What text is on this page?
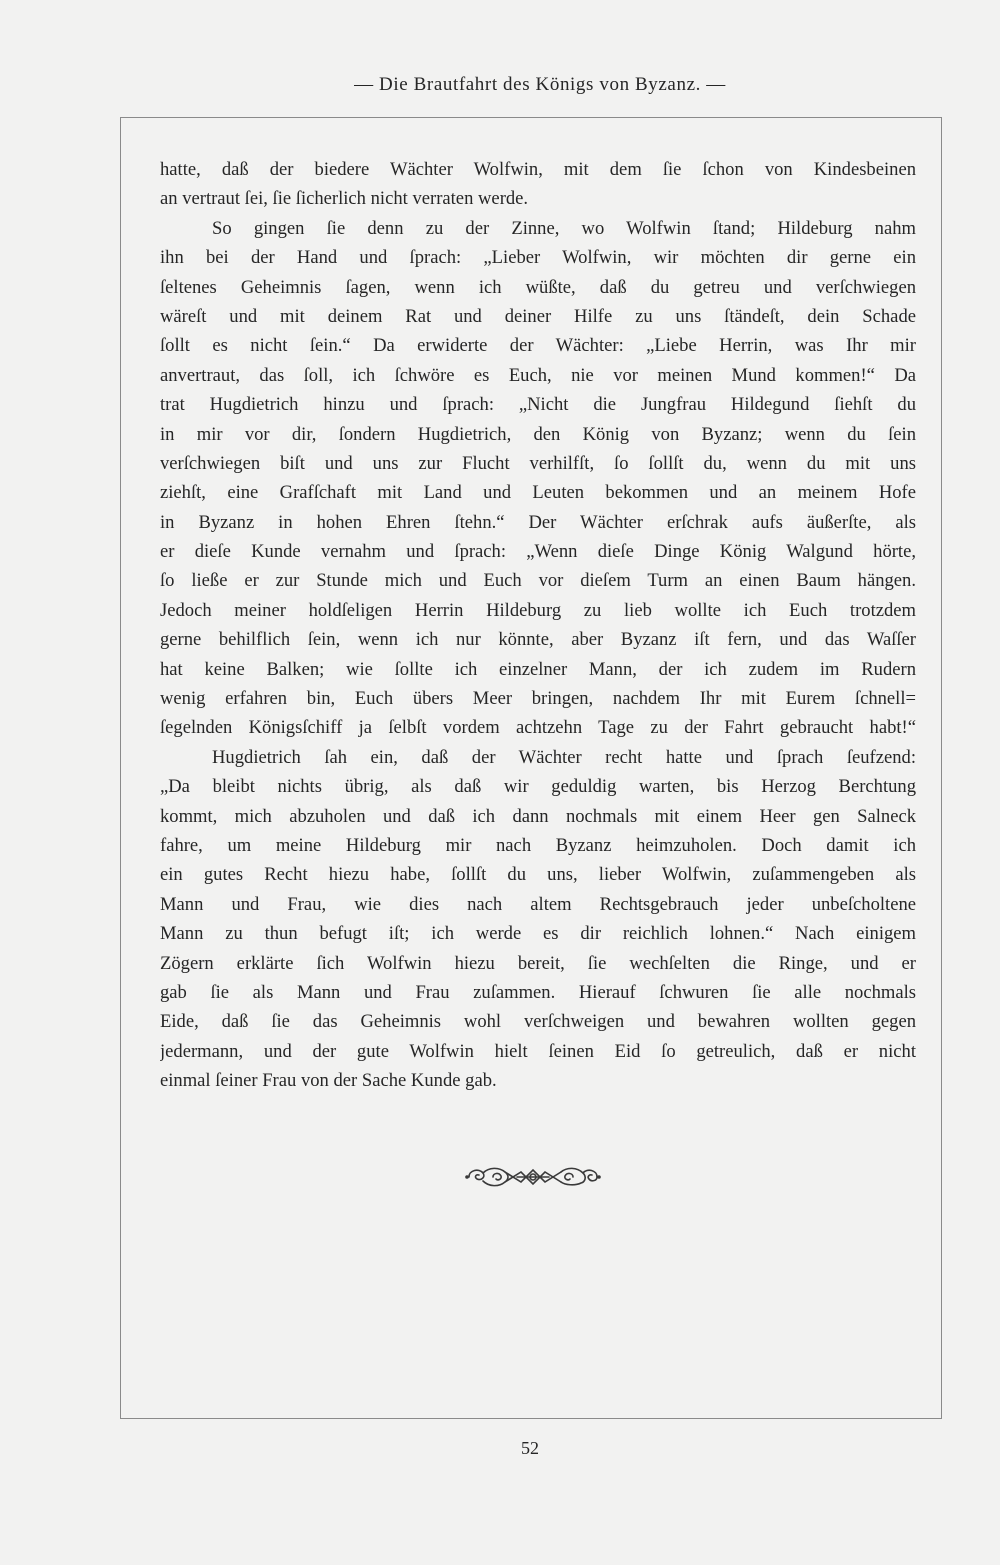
— Die Brautfahrt des Königs von Byzanz. —
hatte, daß der biedere Wächter Wolfwin, mit dem ſie ſchon von Kindesbeinen
an vertraut ſei, ſie ſicherlich nicht verraten werde.
So gingen ſie denn zu der Zinne, wo Wolfwin ſtand; Hildeburg nahm
ihn bei der Hand und ſprach: „Lieber Wolfwin, wir möchten dir gerne ein
ſeltenes Geheimnis ſagen, wenn ich wüßte, daß du getreu und verſchwiegen
wäreſt und mit deinem Rat und deiner Hilfe zu uns ſtändeſt, dein Schade
ſollt es nicht ſein.“ Da erwiderte der Wächter: „Liebe Herrin, was Ihr mir
anvertraut, das ſoll, ich ſchwöre es Euch, nie vor meinen Mund kommen!“ Da
trat Hugdietrich hinzu und ſprach: „Nicht die Jungfrau Hildegund ſiehſt du
in mir vor dir, ſondern Hugdietrich, den König von Byzanz; wenn du ſein
verſchwiegen biſt und uns zur Flucht verhilfſt, ſo ſollſt du, wenn du mit uns
ziehſt, eine Grafſchaft mit Land und Leuten bekommen und an meinem Hofe
in Byzanz in hohen Ehren ſtehn.“ Der Wächter erſchrak aufs äußerſte, als
er dieſe Kunde vernahm und ſprach: „Wenn dieſe Dinge König Walgund hörte,
ſo ließe er zur Stunde mich und Euch vor dieſem Turm an einen Baum hängen.
Jedoch meiner holdſeligen Herrin Hildeburg zu lieb wollte ich Euch trotzdem
gerne behilflich ſein, wenn ich nur könnte, aber Byzanz iſt fern, und das Waſſer
hat keine Balken; wie ſollte ich einzelner Mann, der ich zudem im Rudern
wenig erfahren bin, Euch übers Meer bringen, nachdem Ihr mit Eurem ſchnell=
ſegelnden Königsſchiff ja ſelbſt vordem achtzehn Tage zu der Fahrt gebraucht habt!“
Hugdietrich ſah ein, daß der Wächter recht hatte und ſprach ſeufzend:
„Da bleibt nichts übrig, als daß wir geduldig warten, bis Herzog Berchtung
kommt, mich abzuholen und daß ich dann nochmals mit einem Heer gen Salneck
fahre, um meine Hildeburg mir nach Byzanz heimzuholen. Doch damit ich
ein gutes Recht hiezu habe, ſollſt du uns, lieber Wolfwin, zuſammengeben als
Mann und Frau, wie dies nach altem Rechtsgebrauch jeder unbeſcholtene
Mann zu thun befugt iſt; ich werde es dir reichlich lohnen.“ Nach einigem
Zögern erklärte ſich Wolfwin hiezu bereit, ſie wechſelten die Ringe, und er
gab ſie als Mann und Frau zuſammen. Hierauf ſchwuren ſie alle nochmals
Eide, daß ſie das Geheimnis wohl verſchweigen und bewahren wollten gegen
jedermann, und der gute Wolfwin hielt ſeinen Eid ſo getreulich, daß er nicht
einmal ſeiner Frau von der Sache Kunde gab.
52
